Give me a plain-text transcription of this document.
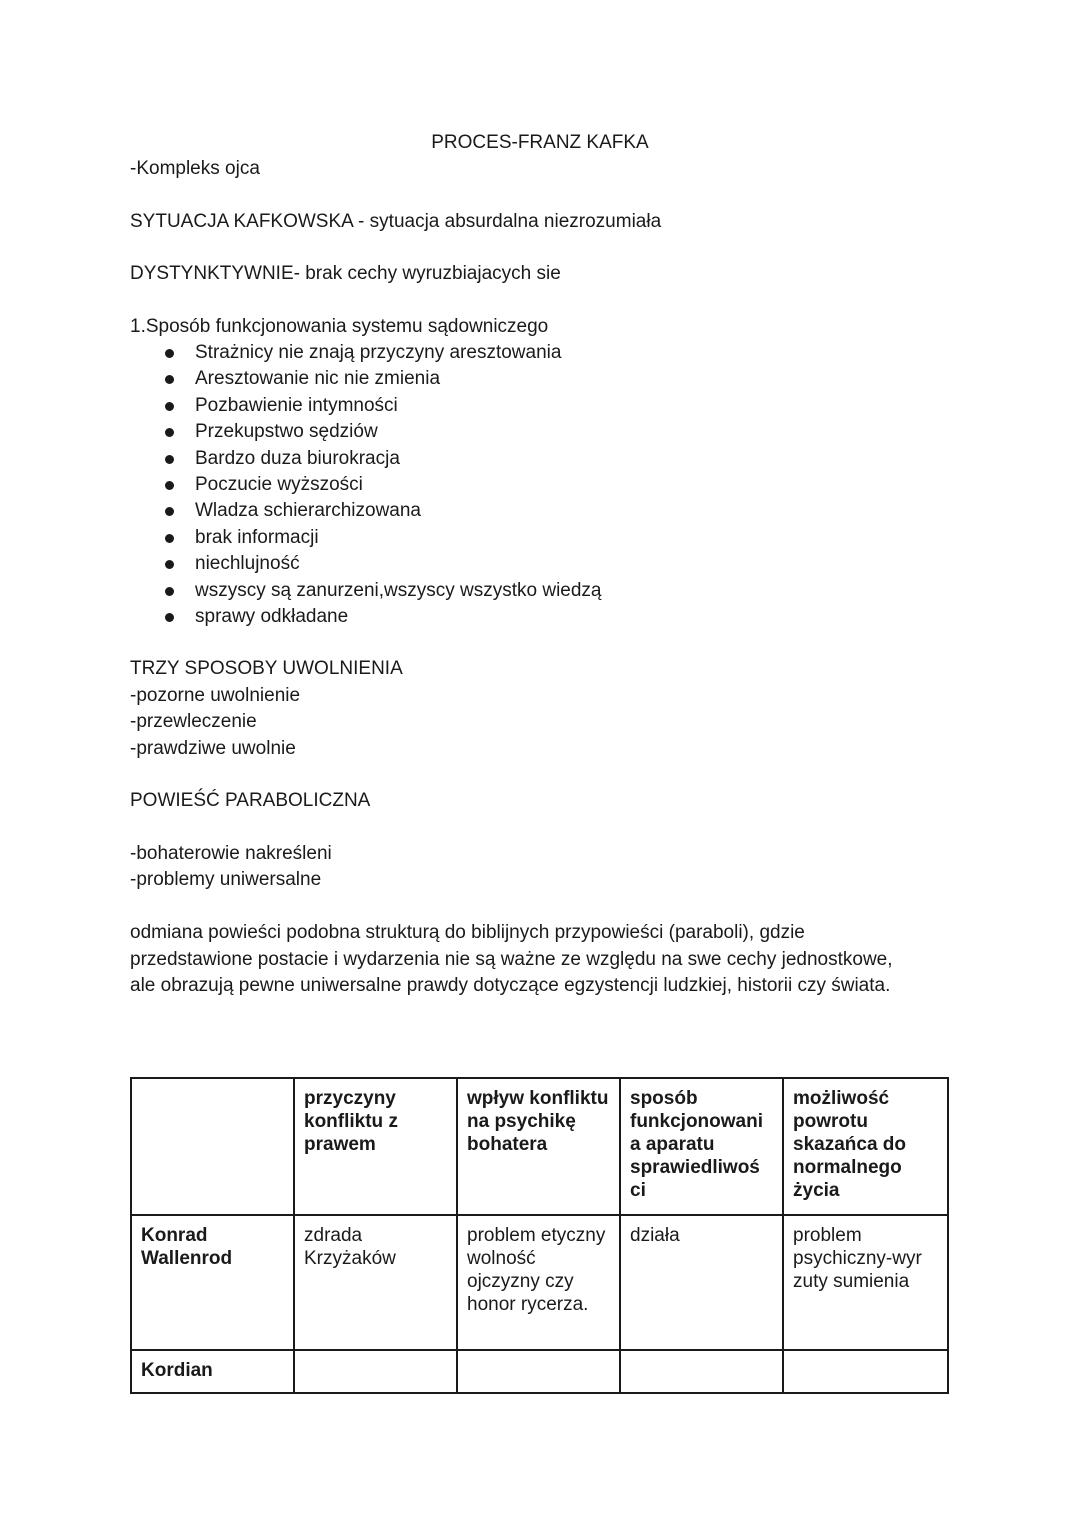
PROCES-FRANZ KAFKA
-Kompleks ojca
SYTUACJA KAFKOWSKA - sytuacja absurdalna niezrozumiała
DYSTYNKTYWNIE- brak cechy wyruzbiajacych sie
1.Sposób funkcjonowania systemu sądowniczego
Strażnicy nie znają przyczyny aresztowania
Aresztowanie nic nie zmienia
Pozbawienie intymności
Przekupstwo sędziów
Bardzo duza biurokracja
Poczucie wyższości
Wladza schierarchizowana
brak informacji
niechlujność
wszyscy są zanurzeni,wszyscy wszystko wiedzą
sprawy odkładane
TRZY SPOSOBY UWOLNIENIA
-pozorne uwolnienie
-przewleczenie
-prawdziwe uwolnie
POWIEŚĆ PARABOLICZNA
-bohaterowie nakreśleni
-problemy uniwersalne
odmiana powieści podobna strukturą do biblijnych przypowieści (paraboli), gdzie
przedstawione postacie i wydarzenia nie są ważne ze względu na swe cechy jednostkowe,
ale obrazują pewne uniwersalne prawdy dotyczące egzystencji ludzkiej, historii czy świata.
	przyczyny konfliktu z prawem	wpływ konfliktu na psychikę bohatera	sposób funkcjonowani a aparatu sprawiedliwoś ci	możliwość powrotu skazańca do normalnego życia
Konrad Wallenrod	zdrada Krzyżaków	problem etyczny wolność ojczyzny czy honor rycerza.	działa	problem psychiczny-wyr zuty sumienia
Kordian				
